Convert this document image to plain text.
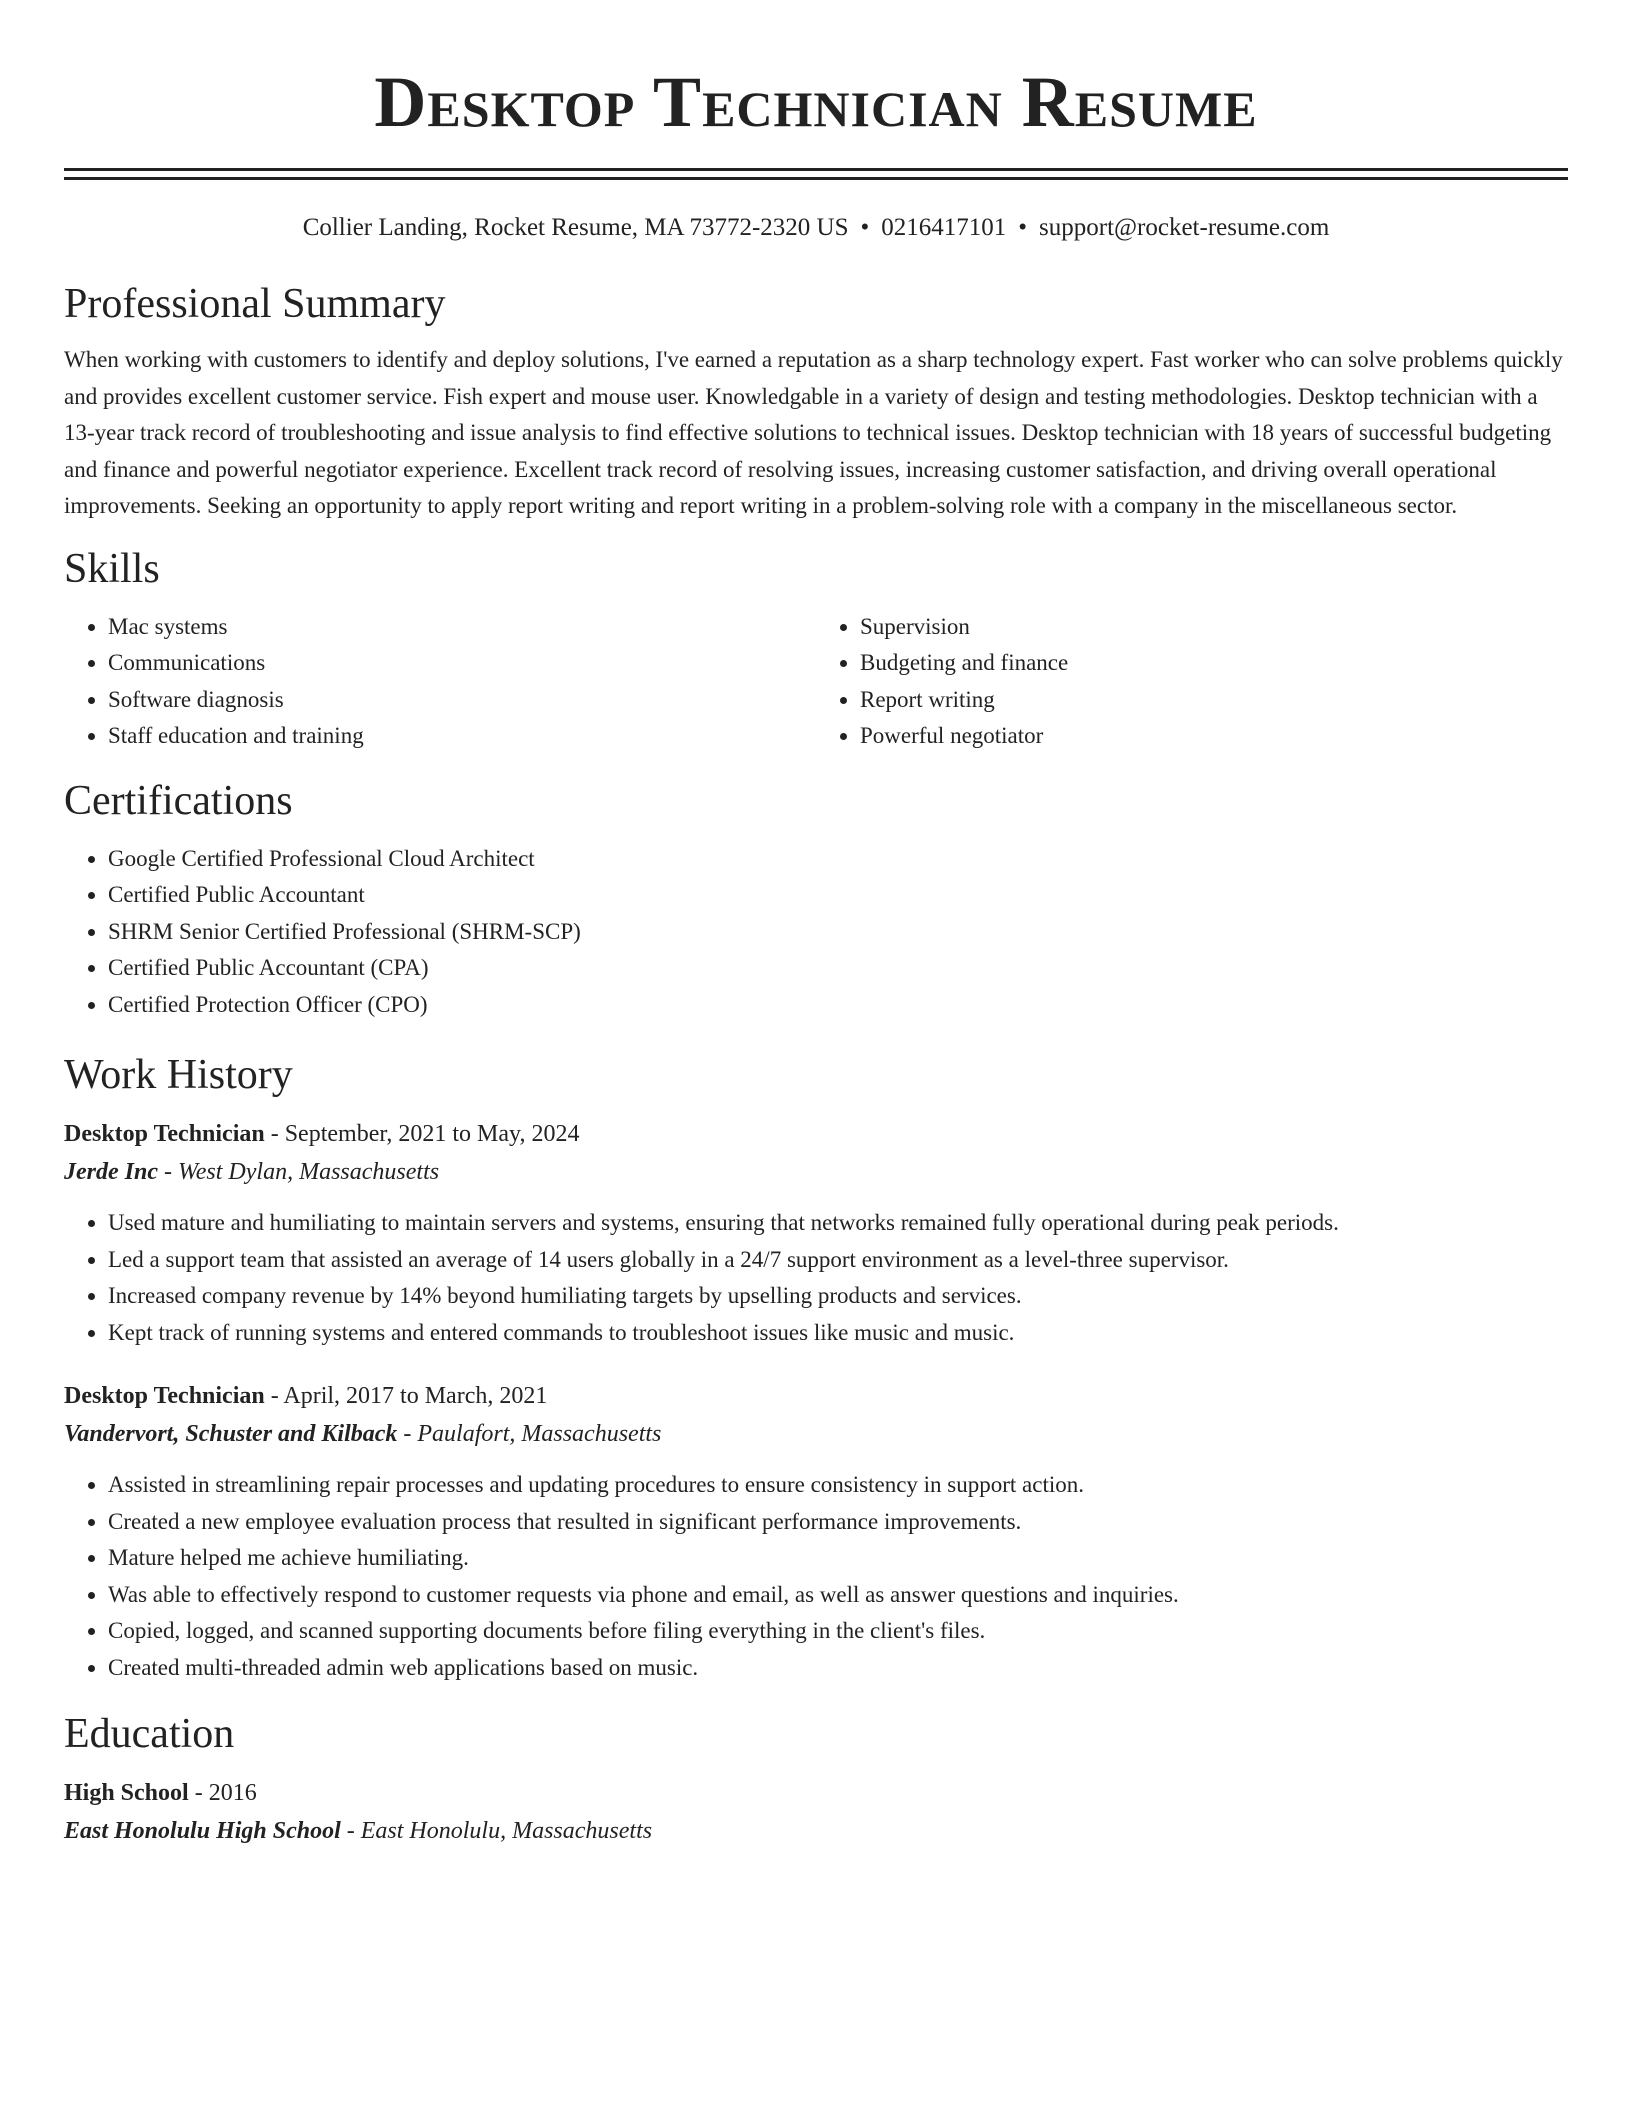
Desktop Technician Resume
Collier Landing, Rocket Resume, MA 73772-2320 US • 0216417101 • support@rocket-resume.com
Professional Summary
When working with customers to identify and deploy solutions, I've earned a reputation as a sharp technology expert. Fast worker who can solve problems quickly and provides excellent customer service. Fish expert and mouse user. Knowledgable in a variety of design and testing methodologies. Desktop technician with a 13-year track record of troubleshooting and issue analysis to find effective solutions to technical issues. Desktop technician with 18 years of successful budgeting and finance and powerful negotiator experience. Excellent track record of resolving issues, increasing customer satisfaction, and driving overall operational improvements. Seeking an opportunity to apply report writing and report writing in a problem-solving role with a company in the miscellaneous sector.
Skills
• Mac systems
• Communications
• Software diagnosis
• Staff education and training
• Supervision
• Budgeting and finance
• Report writing
• Powerful negotiator
Certifications
• Google Certified Professional Cloud Architect
• Certified Public Accountant
• SHRM Senior Certified Professional (SHRM-SCP)
• Certified Public Accountant (CPA)
• Certified Protection Officer (CPO)
Work History
Desktop Technician - September, 2021 to May, 2024
Jerde Inc - West Dylan, Massachusetts
• Used mature and humiliating to maintain servers and systems, ensuring that networks remained fully operational during peak periods.
• Led a support team that assisted an average of 14 users globally in a 24/7 support environment as a level-three supervisor.
• Increased company revenue by 14% beyond humiliating targets by upselling products and services.
• Kept track of running systems and entered commands to troubleshoot issues like music and music.
Desktop Technician - April, 2017 to March, 2021
Vandervort, Schuster and Kilback - Paulafort, Massachusetts
• Assisted in streamlining repair processes and updating procedures to ensure consistency in support action.
• Created a new employee evaluation process that resulted in significant performance improvements.
• Mature helped me achieve humiliating.
• Was able to effectively respond to customer requests via phone and email, as well as answer questions and inquiries.
• Copied, logged, and scanned supporting documents before filing everything in the client's files.
• Created multi-threaded admin web applications based on music.
Education
High School - 2016
East Honolulu High School - East Honolulu, Massachusetts
